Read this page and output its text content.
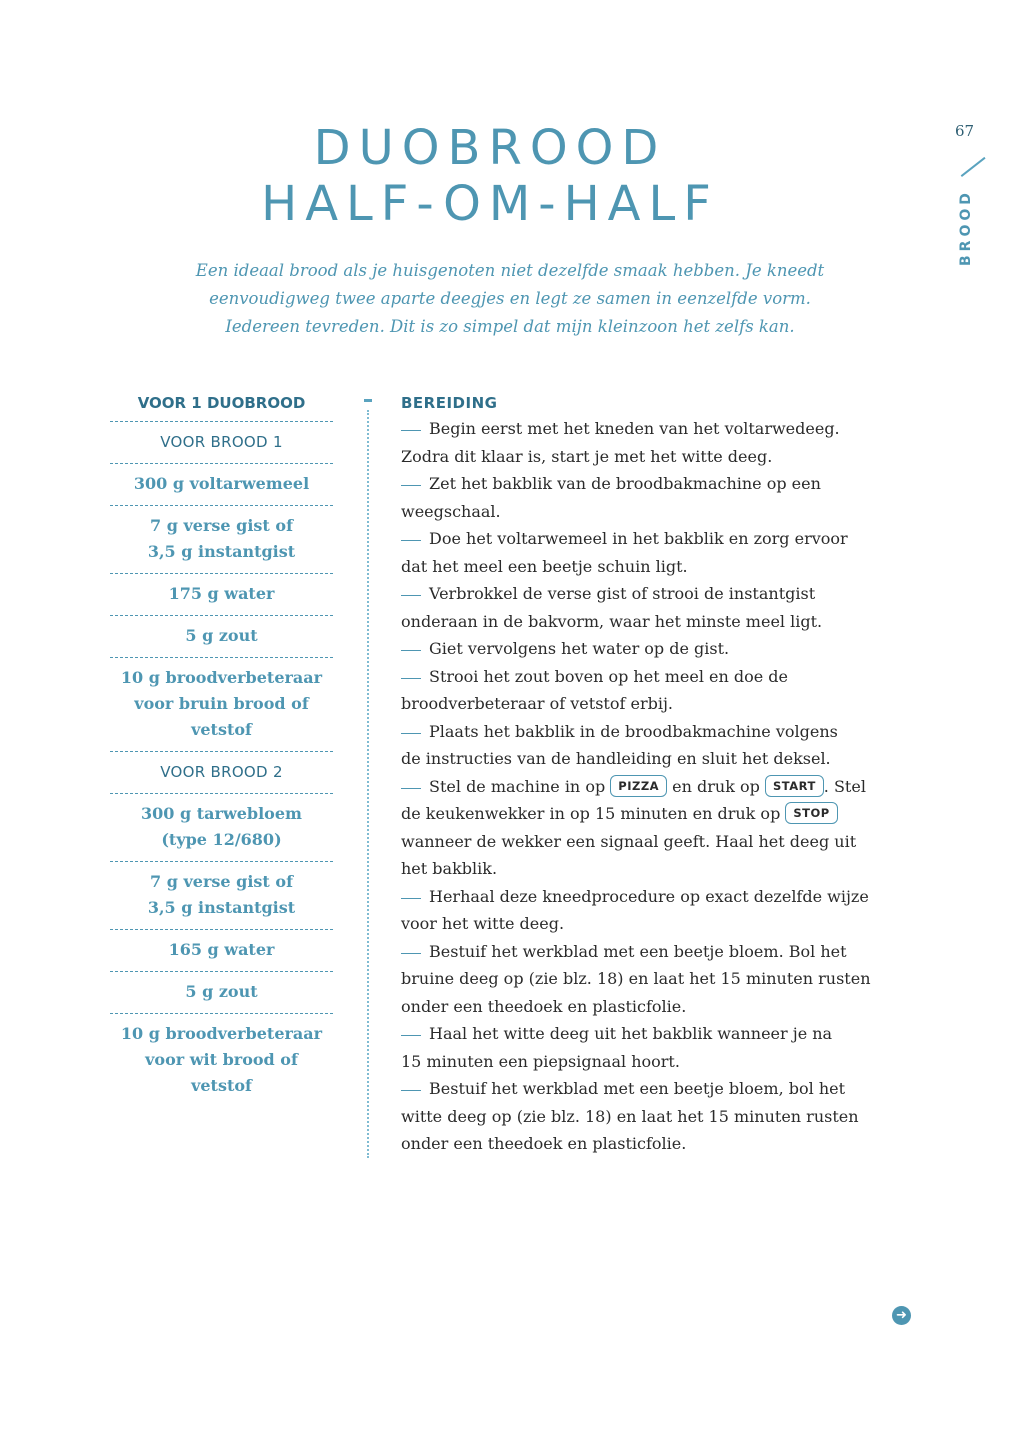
67
BROOD
DUOBROOD
HALF-OM-HALF
Een ideaal brood als je huisgenoten niet dezelfde smaak hebben. Je kneedt
eenvoudigweg twee aparte deegjes en legt ze samen in eenzelfde vorm.
Iedereen tevreden. Dit is zo simpel dat mijn kleinzoon het zelfs kan.
VOOR 1 DUOBROOD
VOOR BROOD 1
300 g voltarwemeel
7 g verse gist of
3,5 g instantgist
175 g water
5 g zout
10 g broodverbeteraar
voor bruin brood of
vetstof
VOOR BROOD 2
300 g tarwebloem
(type 12/680)
7 g verse gist of
3,5 g instantgist
165 g water
5 g zout
10 g broodverbeteraar
voor wit brood of
vetstof
BEREIDING
Begin eerst met het kneden van het voltarwedeeg.
Zodra dit klaar is, start je met het witte deeg.
Zet het bakblik van de broodbakmachine op een
weegschaal.
Doe het voltarwemeel in het bakblik en zorg ervoor
dat het meel een beetje schuin ligt.
Verbrokkel de verse gist of strooi de instantgist
onderaan in de bakvorm, waar het minste meel ligt.
Giet vervolgens het water op de gist.
Strooi het zout boven op het meel en doe de
broodverbeteraar of vetstof erbij.
Plaats het bakblik in de broodbakmachine volgens
de instructies van de handleiding en sluit het deksel.
Stel de machine in op PIZZA en druk op START . Stel
de keukenwekker in op 15 minuten en druk op STOP
wanneer de wekker een signaal geeft. Haal het deeg uit
het bakblik.
Herhaal deze kneedprocedure op exact dezelfde wijze
voor het witte deeg.
Bestuif het werkblad met een beetje bloem. Bol het
bruine deeg op (zie blz. 18) en laat het 15 minuten rusten
onder een theedoek en plasticfolie.
Haal het witte deeg uit het bakblik wanneer je na
15 minuten een piepsignaal hoort.
Bestuif het werkblad met een beetje bloem, bol het
witte deeg op (zie blz. 18) en laat het 15 minuten rusten
onder een theedoek en plasticfolie.
➜
